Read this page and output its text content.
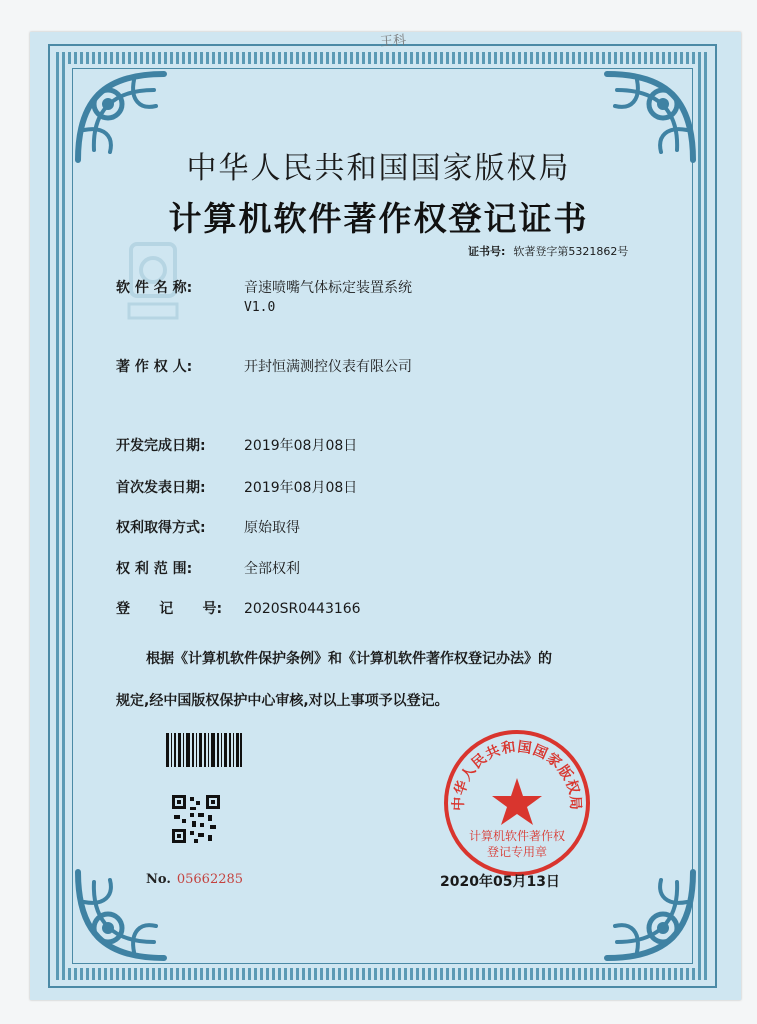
王科
中华人民共和国国家版权局
计算机软件著作权登记证书
证书号: 软著登字第5321862号
软 件 名 称:	音速喷嘴气体标定装置系统
V1.0
著 作 权 人:	开封恒满测控仪表有限公司
开发完成日期:	2019年08月08日
首次发表日期:	2019年08月08日
权利取得方式:	原始取得
权 利 范 围:	全部权利
登      记      号: 2020SR0443166
根据《计算机软件保护条例》和《计算机软件著作权登记办法》的
规定,经中国版权保护中心审核,对以上事项予以登记。
No. 05662285
中华人民共和国国家版权局
计算机软件著作权
登记专用章
2020年05月13日
